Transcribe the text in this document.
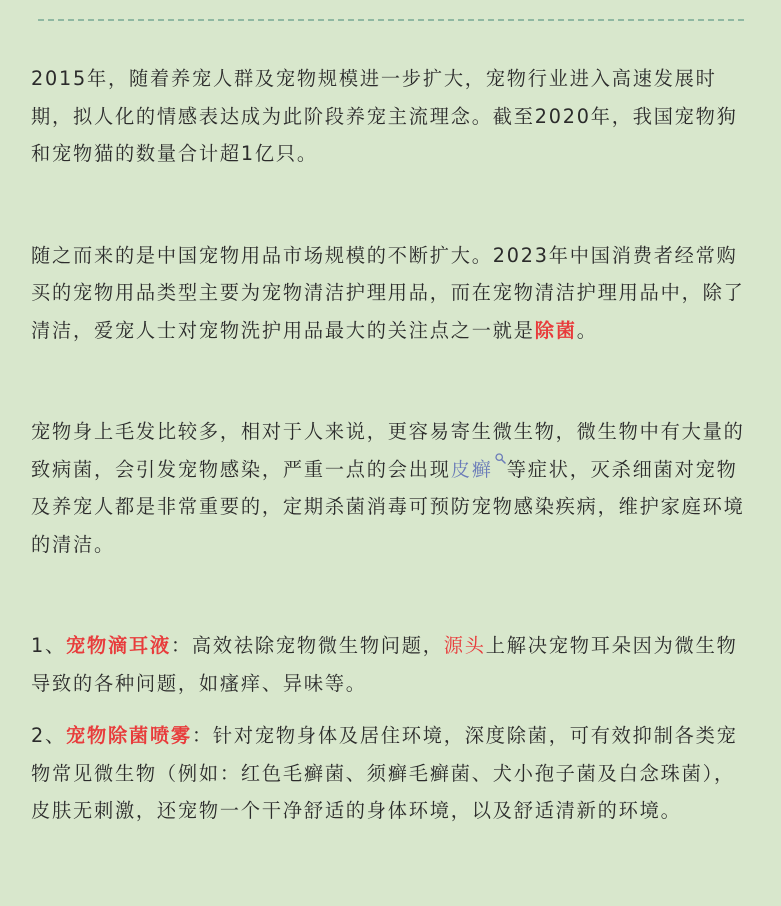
2015年，随着养宠人群及宠物规模进一步扩大，宠物行业进入高速发展时期，拟人化的情感表达成为此阶段养宠主流理念。截至2020年，我国宠物狗和宠物猫的数量合计超1亿只。

随之而来的是中国宠物用品市场规模的不断扩大。2023年中国消费者经常购买的宠物用品类型主要为宠物清洁护理用品，而在宠物清洁护理用品中，除了清洁，爱宠人士对宠物洗护用品最大的关注点之一就是除菌。

宠物身上毛发比较多，相对于人来说，更容易寄生微生物，微生物中有大量的致病菌，会引发宠物感染，严重一点的会出现皮癣 等症状，灭杀细菌对宠物及养宠人都是非常重要的，定期杀菌消毒可预防宠物感染疾病，维护家庭环境的清洁。

1、宠物滴耳液：高效祛除宠物微生物问题，源头上解决宠物耳朵因为微生物导致的各种问题，如瘙痒、异味等。

2、宠物除菌喷雾：针对宠物身体及居住环境，深度除菌，可有效抑制各类宠物常见微生物（例如：红色毛癣菌、须癣毛癣菌、犬小孢子菌及白念珠菌），皮肤无刺激，还宠物一个干净舒适的身体环境，以及舒适清新的环境。
